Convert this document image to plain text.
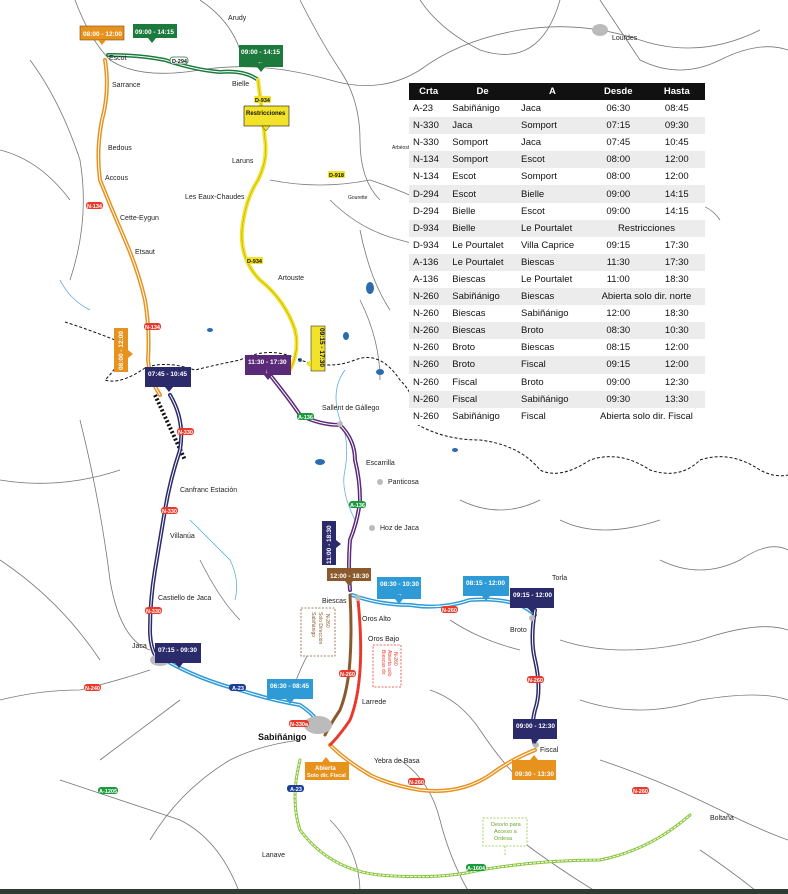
Arudy
Lourdes
Escot
Sarrance	Bielle
Bedous
Accous
Arbéost
Laruns
Les Eaux-Chaudes	Gourette
Cette-Eygun
Etsaut
Artouste
Sallent de Gállego
Escarrilla
Panticosa
Hoz de Jaca
Canfranc Estación
Villanúa
Castiello de Jaca
Jaca
Biescas
Oros Alto
Oros Bajo
Larrede
Sabiñánigo
Yebra de Basa
Fiscal
Broto
Torla
Boltaña
Lanave
D-294
D-934
D-934
D-918
N-134
N-134
N-330
N-330
N-330
N-240
N-260
N-260
N-260
N-260
N-260
N-330a
A-136
A-136
A-1205
A-1604
A-23
A-23
08:00 - 12:00 09:00 - 14:15
09:00 - 14:15
←
Restricciones
09:15 - 17:30
08:00 - 12:00
07:45 - 10:45
11:30 - 17:30
↓
11:00 - 18:30
12:00 - 18:30
08:30 - 10:30
→
08:15 - 12:00
09:15 - 12:00
07:15 - 09:30
06:30 - 08:45
09:00 - 12:30
09:30 - 13:30
Abierta
Solo dir. Fiscal
N-260
Solo Dirección
Sabiñánigo
N-260
Abierta solo
Biescas dir.
Desvío para
Acceso a
Ordesa
Crta	De	A	Desde	Hasta
A-23	Sabiñánigo	Jaca	06:30	08:45
N-330	Jaca	Somport	07:15	09:30
N-330	Somport	Jaca	07:45	10:45
N-134	Somport	Escot	08:00	12:00
N-134	Escot	Somport	08:00	12:00
D-294	Escot	Bielle	09:00	14:15
D-294	Bielle	Escot	09:00	14:15
D-934	Bielle	Le Pourtalet	Restricciones	
D-934	Le Pourtalet	Villa Caprice	09:15	17:30
A-136	Le Pourtalet	Biescas	11:30	17:30
A-136	Biescas	Le Pourtalet	11:00	18:30
N-260	Sabiñánigo	Biescas	Abierta solo dir. norte	
N-260	Biescas	Sabiñánigo	12:00	18:30
N-260	Biescas	Broto	08:30	10:30
N-260	Broto	Biescas	08:15	12:00
N-260	Broto	Fiscal	09:15	12:00
N-260	Fiscal	Broto	09:00	12:30
N-260	Fiscal	Sabiñánigo	09:30	13:30
N-260	Sabiñánigo	Fiscal	Abierta solo dir. Fiscal	
